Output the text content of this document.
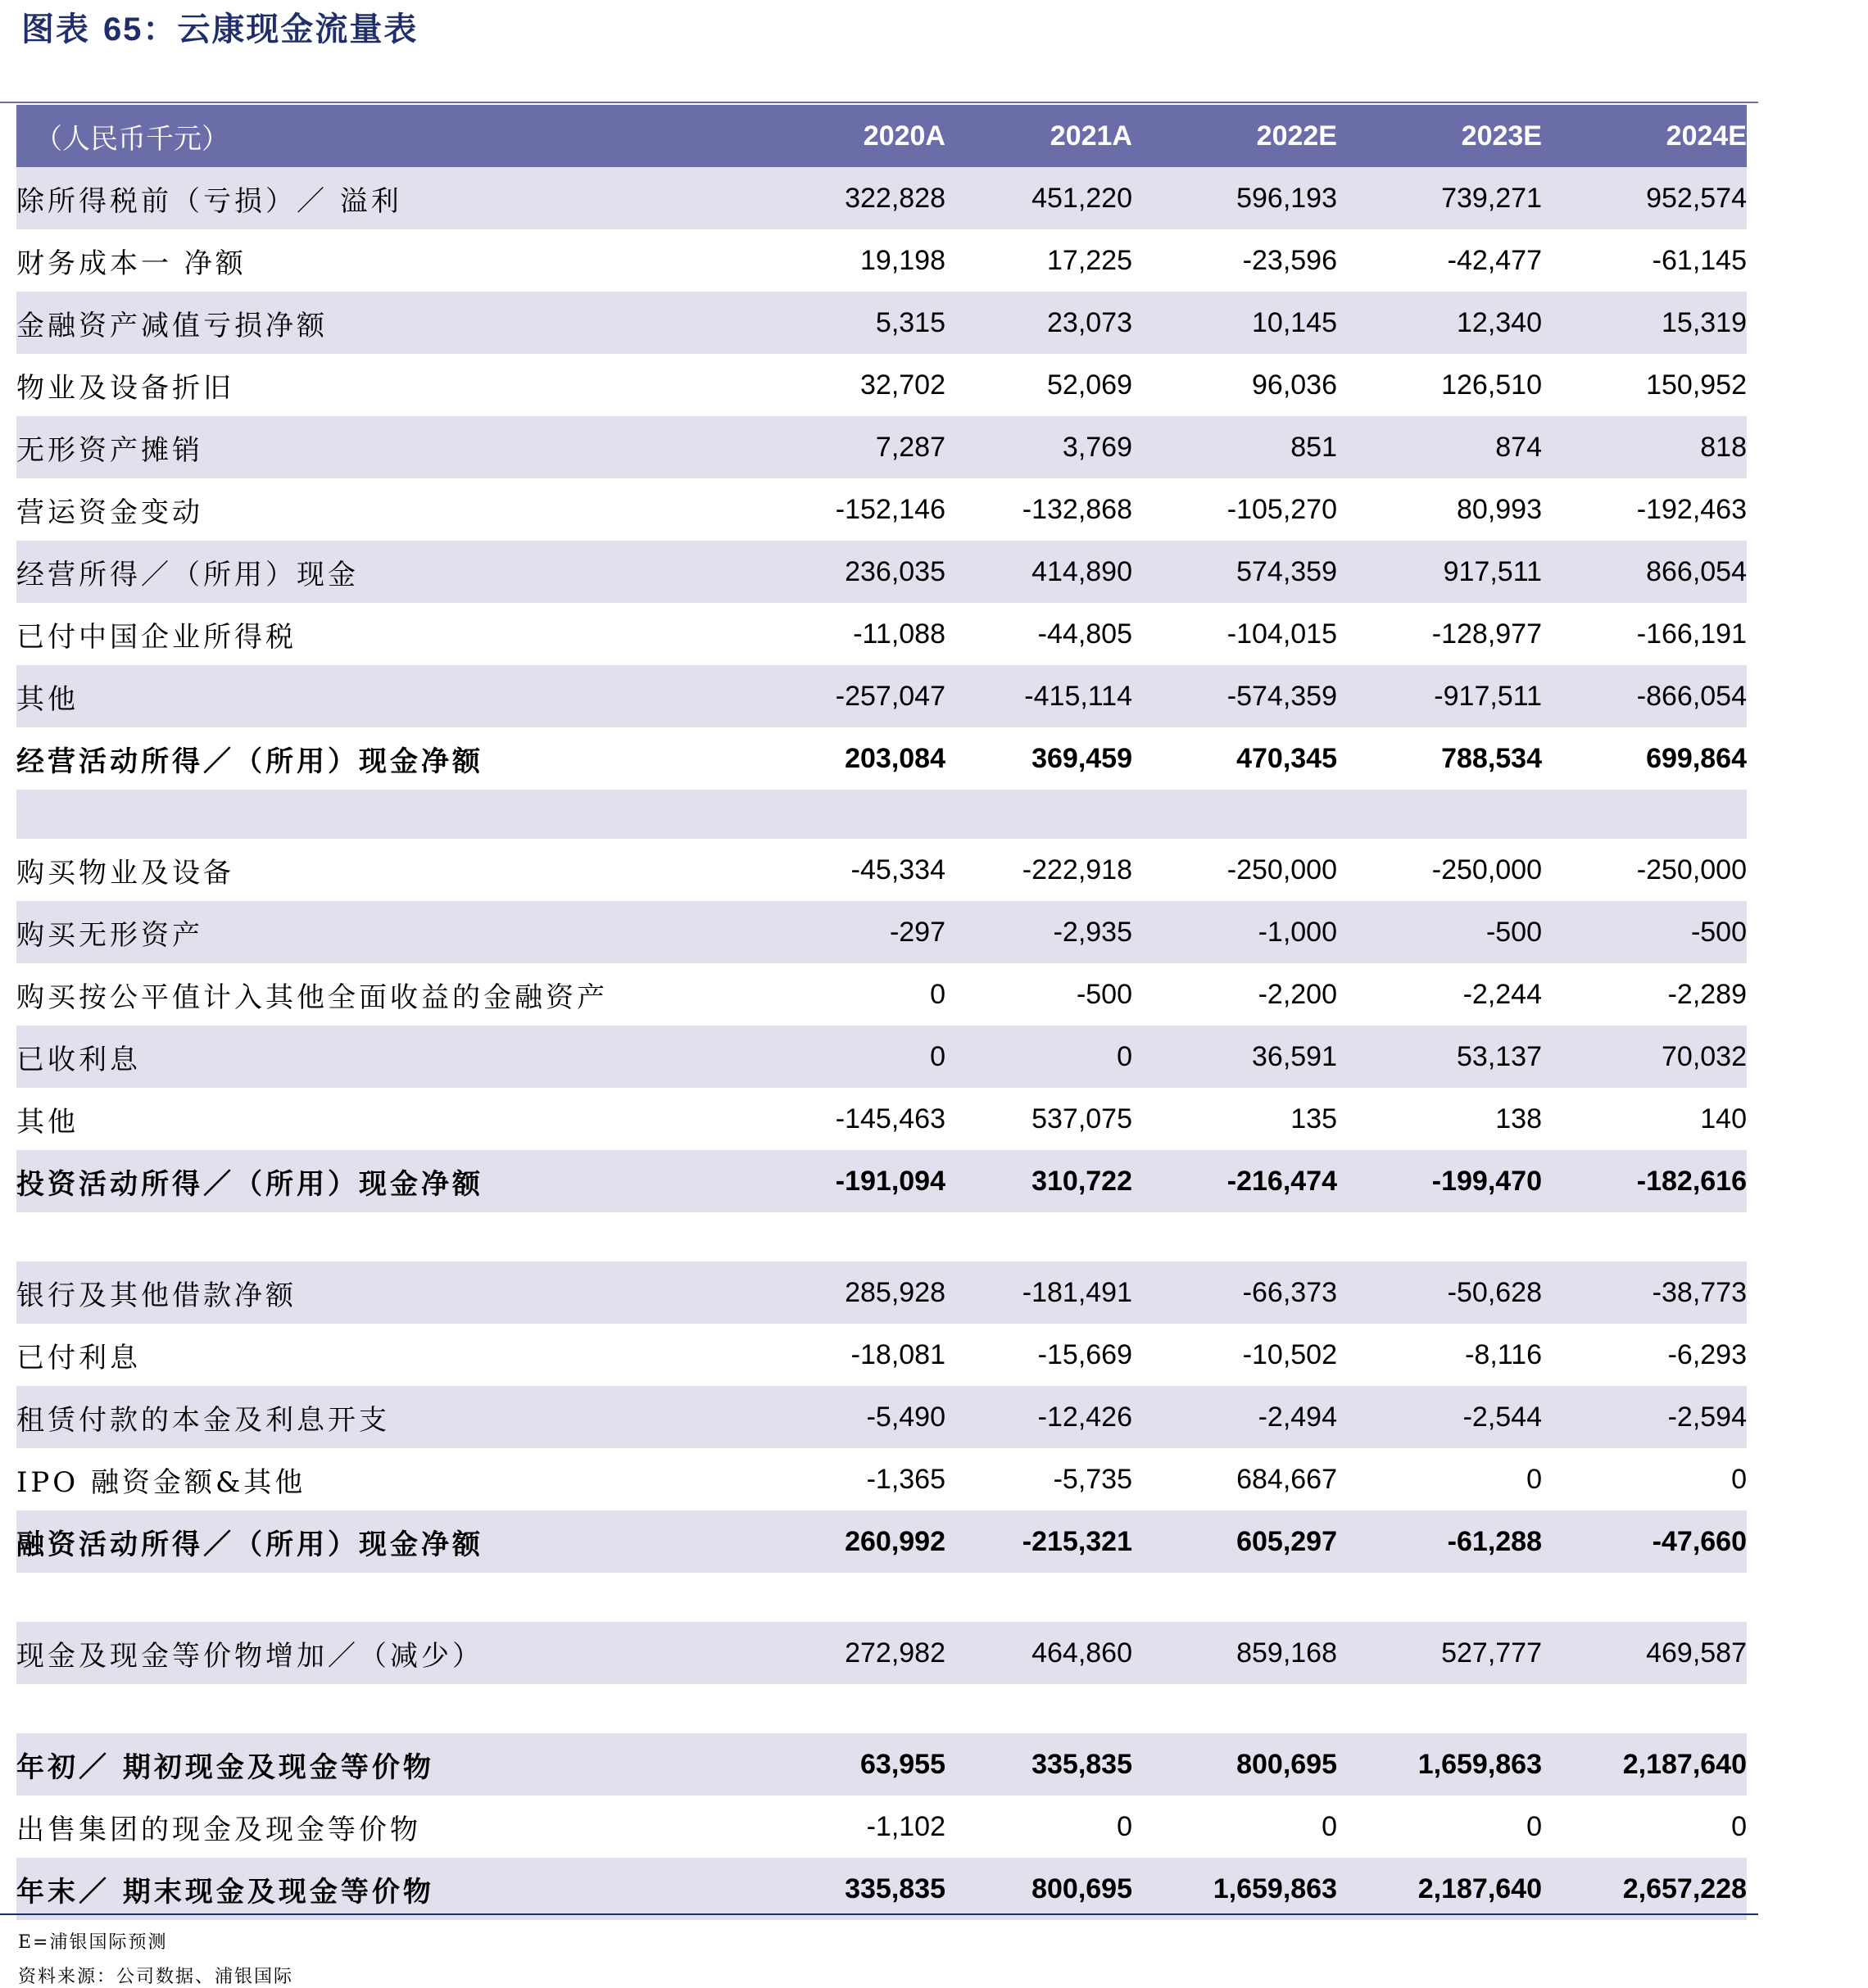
图表 65：云康现金流量表
（人民币千元）	2020A	2021A	2022E	2023E	2024E
除所得税前（亏损）／ 溢利	322,828	451,220	596,193	739,271	952,574
财务成本一 净额	19,198	17,225	-23,596	-42,477	-61,145
金融资产减值亏损净额	5,315	23,073	10,145	12,340	15,319
物业及设备折旧	32,702	52,069	96,036	126,510	150,952
无形资产摊销	7,287	3,769	851	874	818
营运资金变动	-152,146	-132,868	-105,270	80,993	-192,463
经营所得／（所用）现金	236,035	414,890	574,359	917,511	866,054
已付中国企业所得税	-11,088	-44,805	-104,015	-128,977	-166,191
其他	-257,047	-415,114	-574,359	-917,511	-866,054
经营活动所得／（所用）现金净额	203,084	369,459	470,345	788,534	699,864

购买物业及设备	-45,334	-222,918	-250,000	-250,000	-250,000
购买无形资产	-297	-2,935	-1,000	-500	-500
购买按公平值计入其他全面收益的金融资产	0	-500	-2,200	-2,244	-2,289
已收利息	0	0	36,591	53,137	70,032
其他	-145,463	537,075	135	138	140
投资活动所得／（所用）现金净额	-191,094	310,722	-216,474	-199,470	-182,616

银行及其他借款净额	285,928	-181,491	-66,373	-50,628	-38,773
已付利息	-18,081	-15,669	-10,502	-8,116	-6,293
租赁付款的本金及利息开支	-5,490	-12,426	-2,494	-2,544	-2,594
IPO 融资金额&其他	-1,365	-5,735	684,667	0	0
融资活动所得／（所用）现金净额	260,992	-215,321	605,297	-61,288	-47,660

现金及现金等价物增加／（减少）	272,982	464,860	859,168	527,777	469,587

年初／ 期初现金及现金等价物	63,955	335,835	800,695	1,659,863	2,187,640
出售集团的现金及现金等价物	-1,102	0	0	0	0
年末／ 期末现金及现金等价物	335,835	800,695	1,659,863	2,187,640	2,657,228
E=浦银国际预测
资料来源：公司数据、浦银国际
